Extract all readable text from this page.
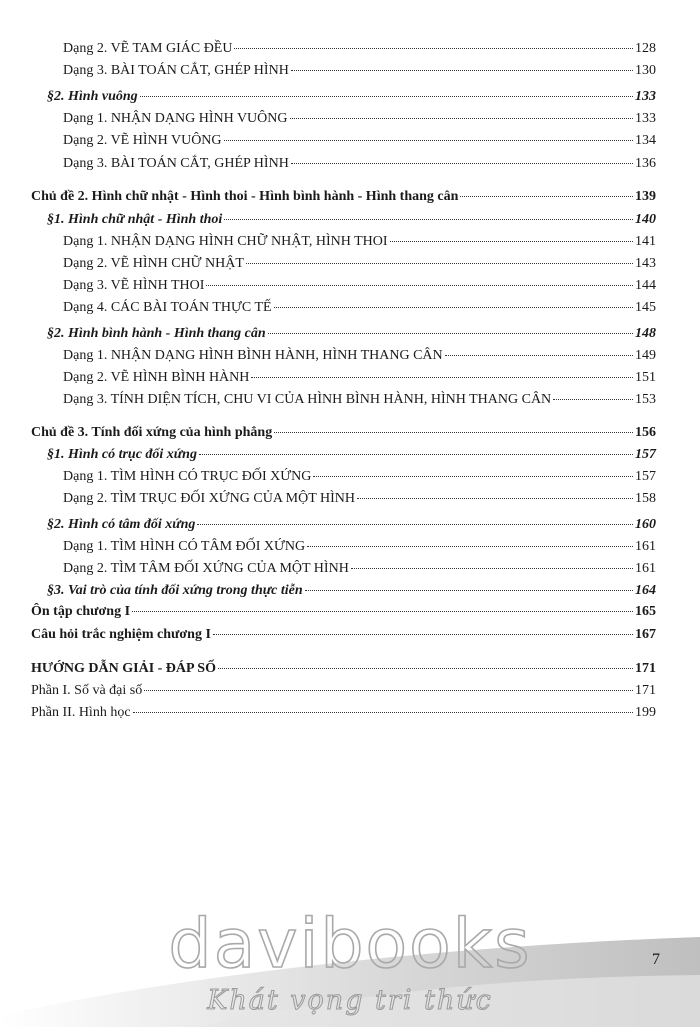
Dạng 2. VẼ TAM GIÁC ĐỀU	128
Dạng 3. BÀI TOÁN CẮT, GHÉP HÌNH	130
§2. Hình vuông	133
Dạng 1. NHẬN DẠNG HÌNH VUÔNG	133
Dạng 2. VẼ HÌNH VUÔNG	134
Dạng 3. BÀI TOÁN CẮT, GHÉP HÌNH	136
Chủ đề 2. Hình chữ nhật - Hình thoi - Hình bình hành - Hình thang cân	139
§1. Hình chữ nhật - Hình thoi	140
Dạng 1. NHẬN DẠNG HÌNH CHỮ NHẬT, HÌNH THOI	141
Dạng 2. VẼ HÌNH CHỮ NHẬT	143
Dạng 3. VẼ HÌNH THOI	144
Dạng 4. CÁC BÀI TOÁN THỰC TẾ	145
§2. Hình bình hành - Hình thang cân	148
Dạng 1. NHẬN DẠNG HÌNH BÌNH HÀNH, HÌNH THANG CÂN	149
Dạng 2. VẼ HÌNH BÌNH HÀNH	151
Dạng 3. TÍNH DIỆN TÍCH, CHU VI CỦA HÌNH BÌNH HÀNH, HÌNH THANG CÂN	153
Chủ đề 3. Tính đối xứng của hình phẳng	156
§1. Hình có trục đối xứng	157
Dạng 1. TÌM HÌNH CÓ TRỤC ĐỐI XỨNG	157
Dạng 2. TÌM TRỤC ĐỐI XỨNG CỦA MỘT HÌNH	158
§2. Hình có tâm đối xứng	160
Dạng 1. TÌM HÌNH CÓ TÂM ĐỐI XỨNG	161
Dạng 2. TÌM TÂM ĐỐI XỨNG CỦA MỘT HÌNH	161
§3. Vai trò của tính đối xứng trong thực tiễn	164
Ôn tập chương I	165
Câu hỏi trắc nghiệm chương I	167
HƯỚNG DẪN GIẢI - ĐÁP SỐ	171
Phần I. Số và đại số	171
Phần II. Hình học	199
davibooks
Khát vọng tri thức
7
